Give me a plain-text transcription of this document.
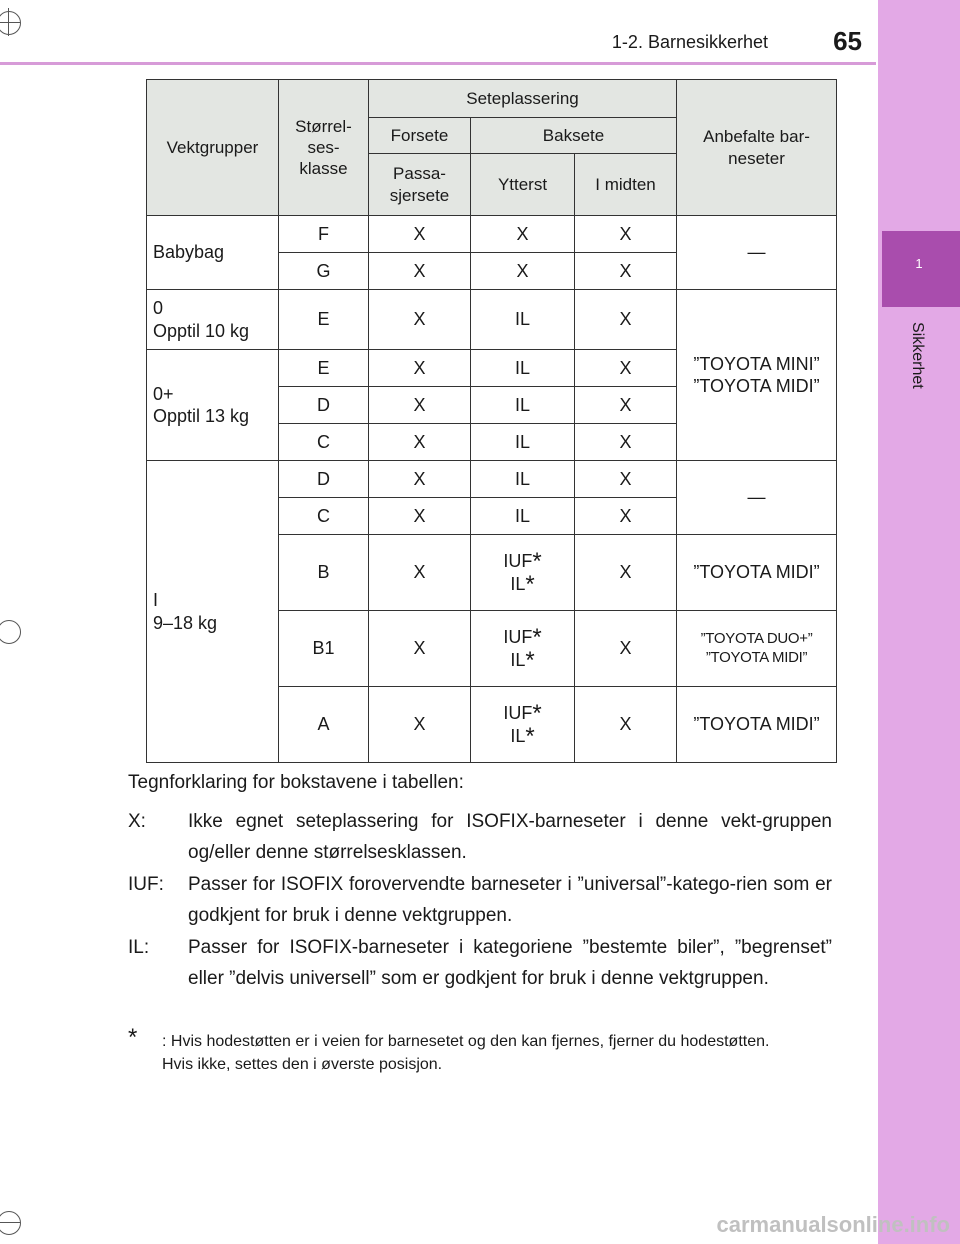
1-2. Barnesikkerhet	65
1
Sikkerhet
Vektgrupper	Størrel-
ses-
klasse	Seteplassering			Anbefalte bar-
neseter
		Forsete	Baksete		
		Passa-
sjersete	Ytterst	I midten	
Babybag	F	X	X	X	—
	G	X	X	X	
0
Opptil 10 kg	E	X	IL	X	”TOYOTA MINI”
”TOYOTA MIDI”
0+
Opptil 13 kg	E	X	IL	X	
	D	X	IL	X	
	C	X	IL	X	
I
9–18 kg	D	X	IL	X	—
	C	X	IL	X	
	B	X	IUF*
IL*	X	”TOYOTA MIDI”
	B1	X	IUF*
IL*	X	”TOYOTA DUO+”
”TOYOTA MIDI”
	A	X	IUF*
IL*	X	”TOYOTA MIDI”
Tegnforklaring for bokstavene i tabellen:
X: Ikke egnet seteplassering for ISOFIX-barneseter i denne vekt-gruppen og/eller denne størrelsesklassen.
IUF: Passer for ISOFIX forovervendte barneseter i ”universal”-katego-rien som er godkjent for bruk i denne vektgruppen.
IL: Passer for ISOFIX-barneseter i kategoriene ”bestemte biler”, ”begrenset” eller ”delvis universell” som er godkjent for bruk i denne vektgruppen.
* : Hvis hodestøtten er i veien for barnesetet og den kan fjernes, fjerner du hodestøtten.
Hvis ikke, settes den i øverste posisjon.
carmanualsonline.info
